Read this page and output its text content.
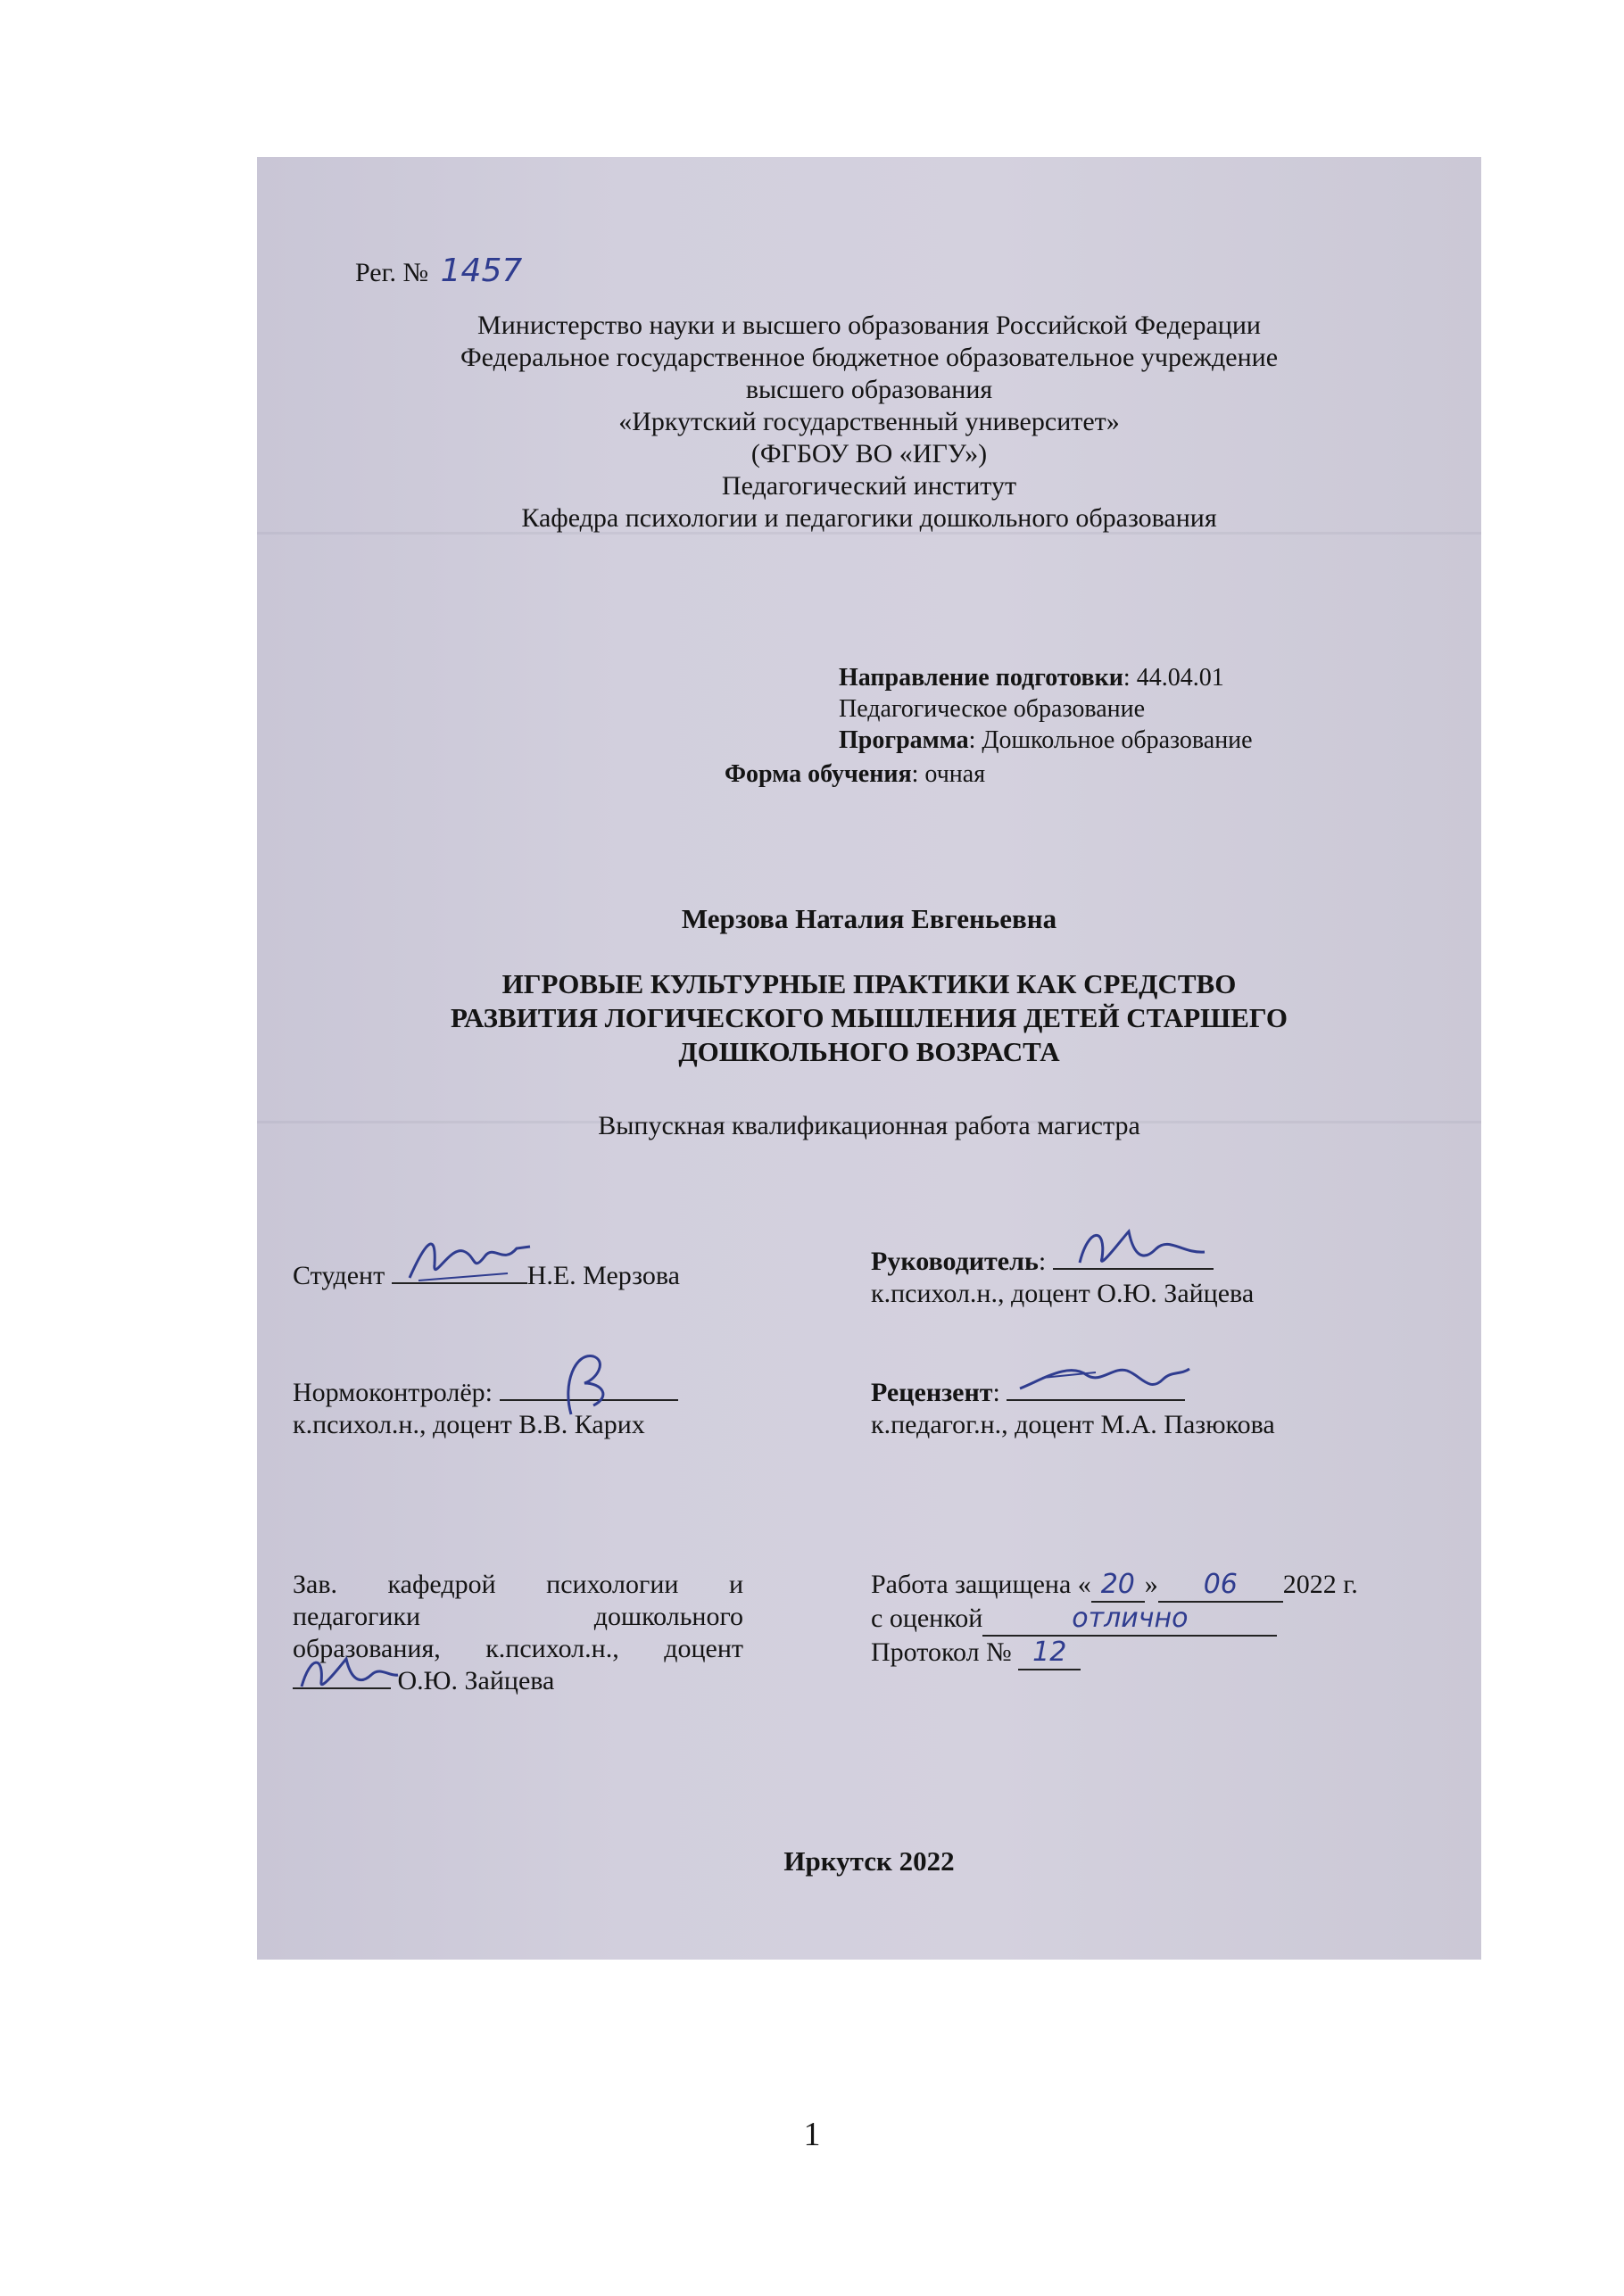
Рег. № 1457
Министерство науки и высшего образования Российской Федерации
Федеральное государственное бюджетное образовательное учреждение
высшего образования
«Иркутский государственный университет»
(ФГБОУ ВО «ИГУ»)
Педагогический институт
Кафедра психологии и педагогики дошкольного образования
Направление подготовки: 44.04.01
Педагогическое образование
Программа: Дошкольное образование
Форма обучения: очная
Мерзова Наталия Евгеньевна
ИГРОВЫЕ КУЛЬТУРНЫЕ ПРАКТИКИ КАК СРЕДСТВО
РАЗВИТИЯ ЛОГИЧЕСКОГО МЫШЛЕНИЯ ДЕТЕЙ СТАРШЕГО
ДОШКОЛЬНОГО ВОЗРАСТА
Выпускная квалификационная работа магистра
Студент	Н.Е. Мерзова	Руководитель:
к.психол.н., доцент О.Ю. Зайцева
Нормоконтролёр:
к.психол.н., доцент В.В. Карих
Рецензент:
к.педагог.н., доцент М.А. Пазюкова
Зав. кафедрой психологии и
педагогики дошкольного
образования, к.психол.н., доцент
О.Ю. Зайцева
Работа защищена « 20 » 06 2022 г.
с оценкой	отлично
Протокол № 12
Иркутск 2022
1
